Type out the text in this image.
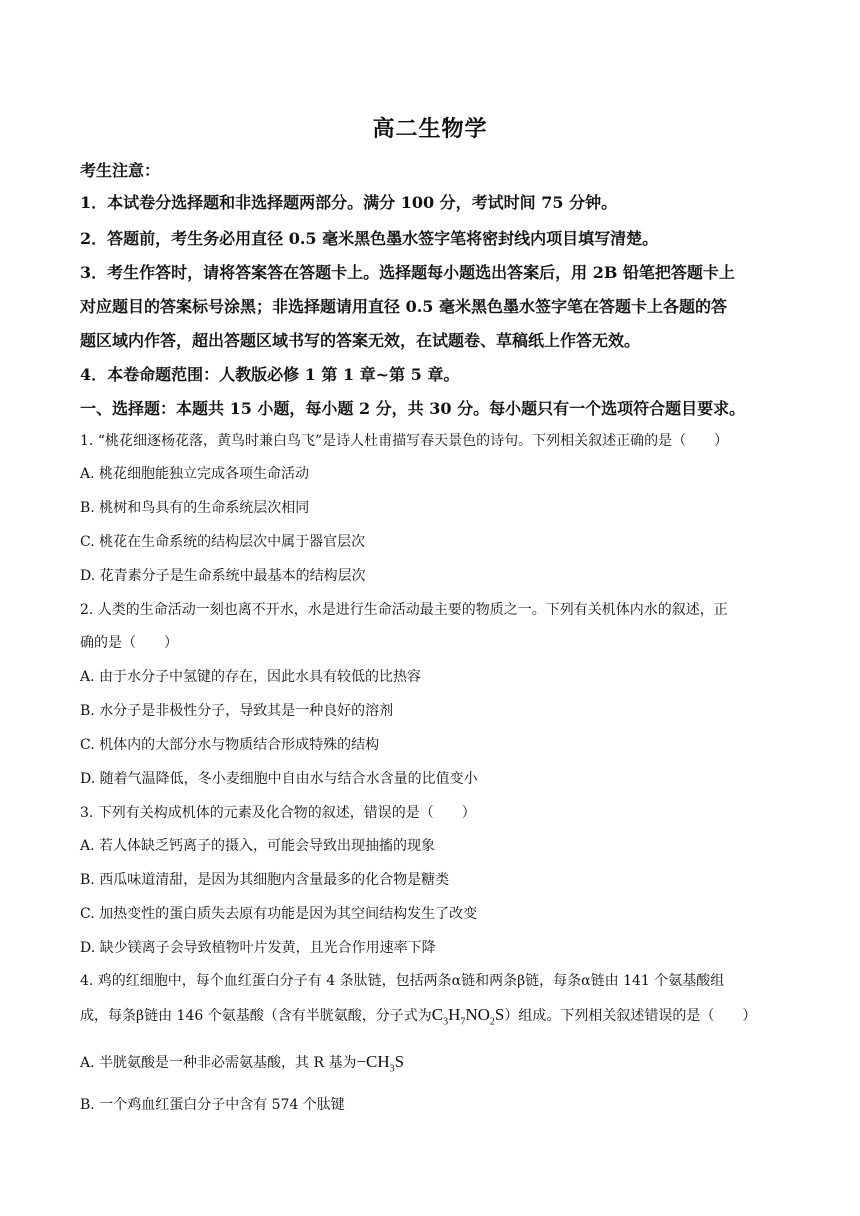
高二生物学
考生注意：
1．本试卷分选择题和非选择题两部分。满分 100 分，考试时间 75 分钟。
2．答题前，考生务必用直径 0.5 毫米黑色墨水签字笔将密封线内项目填写清楚。
3．考生作答时，请将答案答在答题卡上。选择题每小题选出答案后，用 2B 铅笔把答题卡上
对应题目的答案标号涂黑；非选择题请用直径 0.5 毫米黑色墨水签字笔在答题卡上各题的答
题区域内作答，超出答题区域书写的答案无效，在试题卷、草稿纸上作答无效。
4．本卷命题范围：人教版必修 1 第 1 章~第 5 章。
一、选择题：本题共 15 小题，每小题 2 分，共 30 分。每小题只有一个选项符合题目要求。
1. “桃花细逐杨花落，黄鸟时兼白鸟飞”是诗人杜甫描写春天景色的诗句。下列相关叙述正确的是（　　）
A. 桃花细胞能独立完成各项生命活动
B. 桃树和鸟具有的生命系统层次相同
C. 桃花在生命系统的结构层次中属于器官层次
D. 花青素分子是生命系统中最基本的结构层次
2. 人类的生命活动一刻也离不开水，水是进行生命活动最主要的物质之一。下列有关机体内水的叙述，正
确的是（　　）
A. 由于水分子中氢键的存在，因此水具有较低的比热容
B. 水分子是非极性分子，导致其是一种良好的溶剂
C. 机体内的大部分水与物质结合形成特殊的结构
D. 随着气温降低，冬小麦细胞中自由水与结合水含量的比值变小
3. 下列有关构成机体的元素及化合物的叙述，错误的是（　　）
A. 若人体缺乏钙离子的摄入，可能会导致出现抽搐的现象
B. 西瓜味道清甜，是因为其细胞内含量最多的化合物是糖类
C. 加热变性的蛋白质失去原有功能是因为其空间结构发生了改变
D. 缺少镁离子会导致植物叶片发黄，且光合作用速率下降
4. 鸡的红细胞中，每个血红蛋白分子有 4 条肽链，包括两条α链和两条β链，每条α链由 141 个氨基酸组
成，每条β链由 146 个氨基酸（含有半胱氨酸，分子式为$C_3H_7NO_2S$）组成。下列相关叙述错误的是（　　）
A. 半胱氨酸是一种非必需氨基酸，其 R 基为$-CH_3S$
B. 一个鸡血红蛋白分子中含有 574 个肽键
